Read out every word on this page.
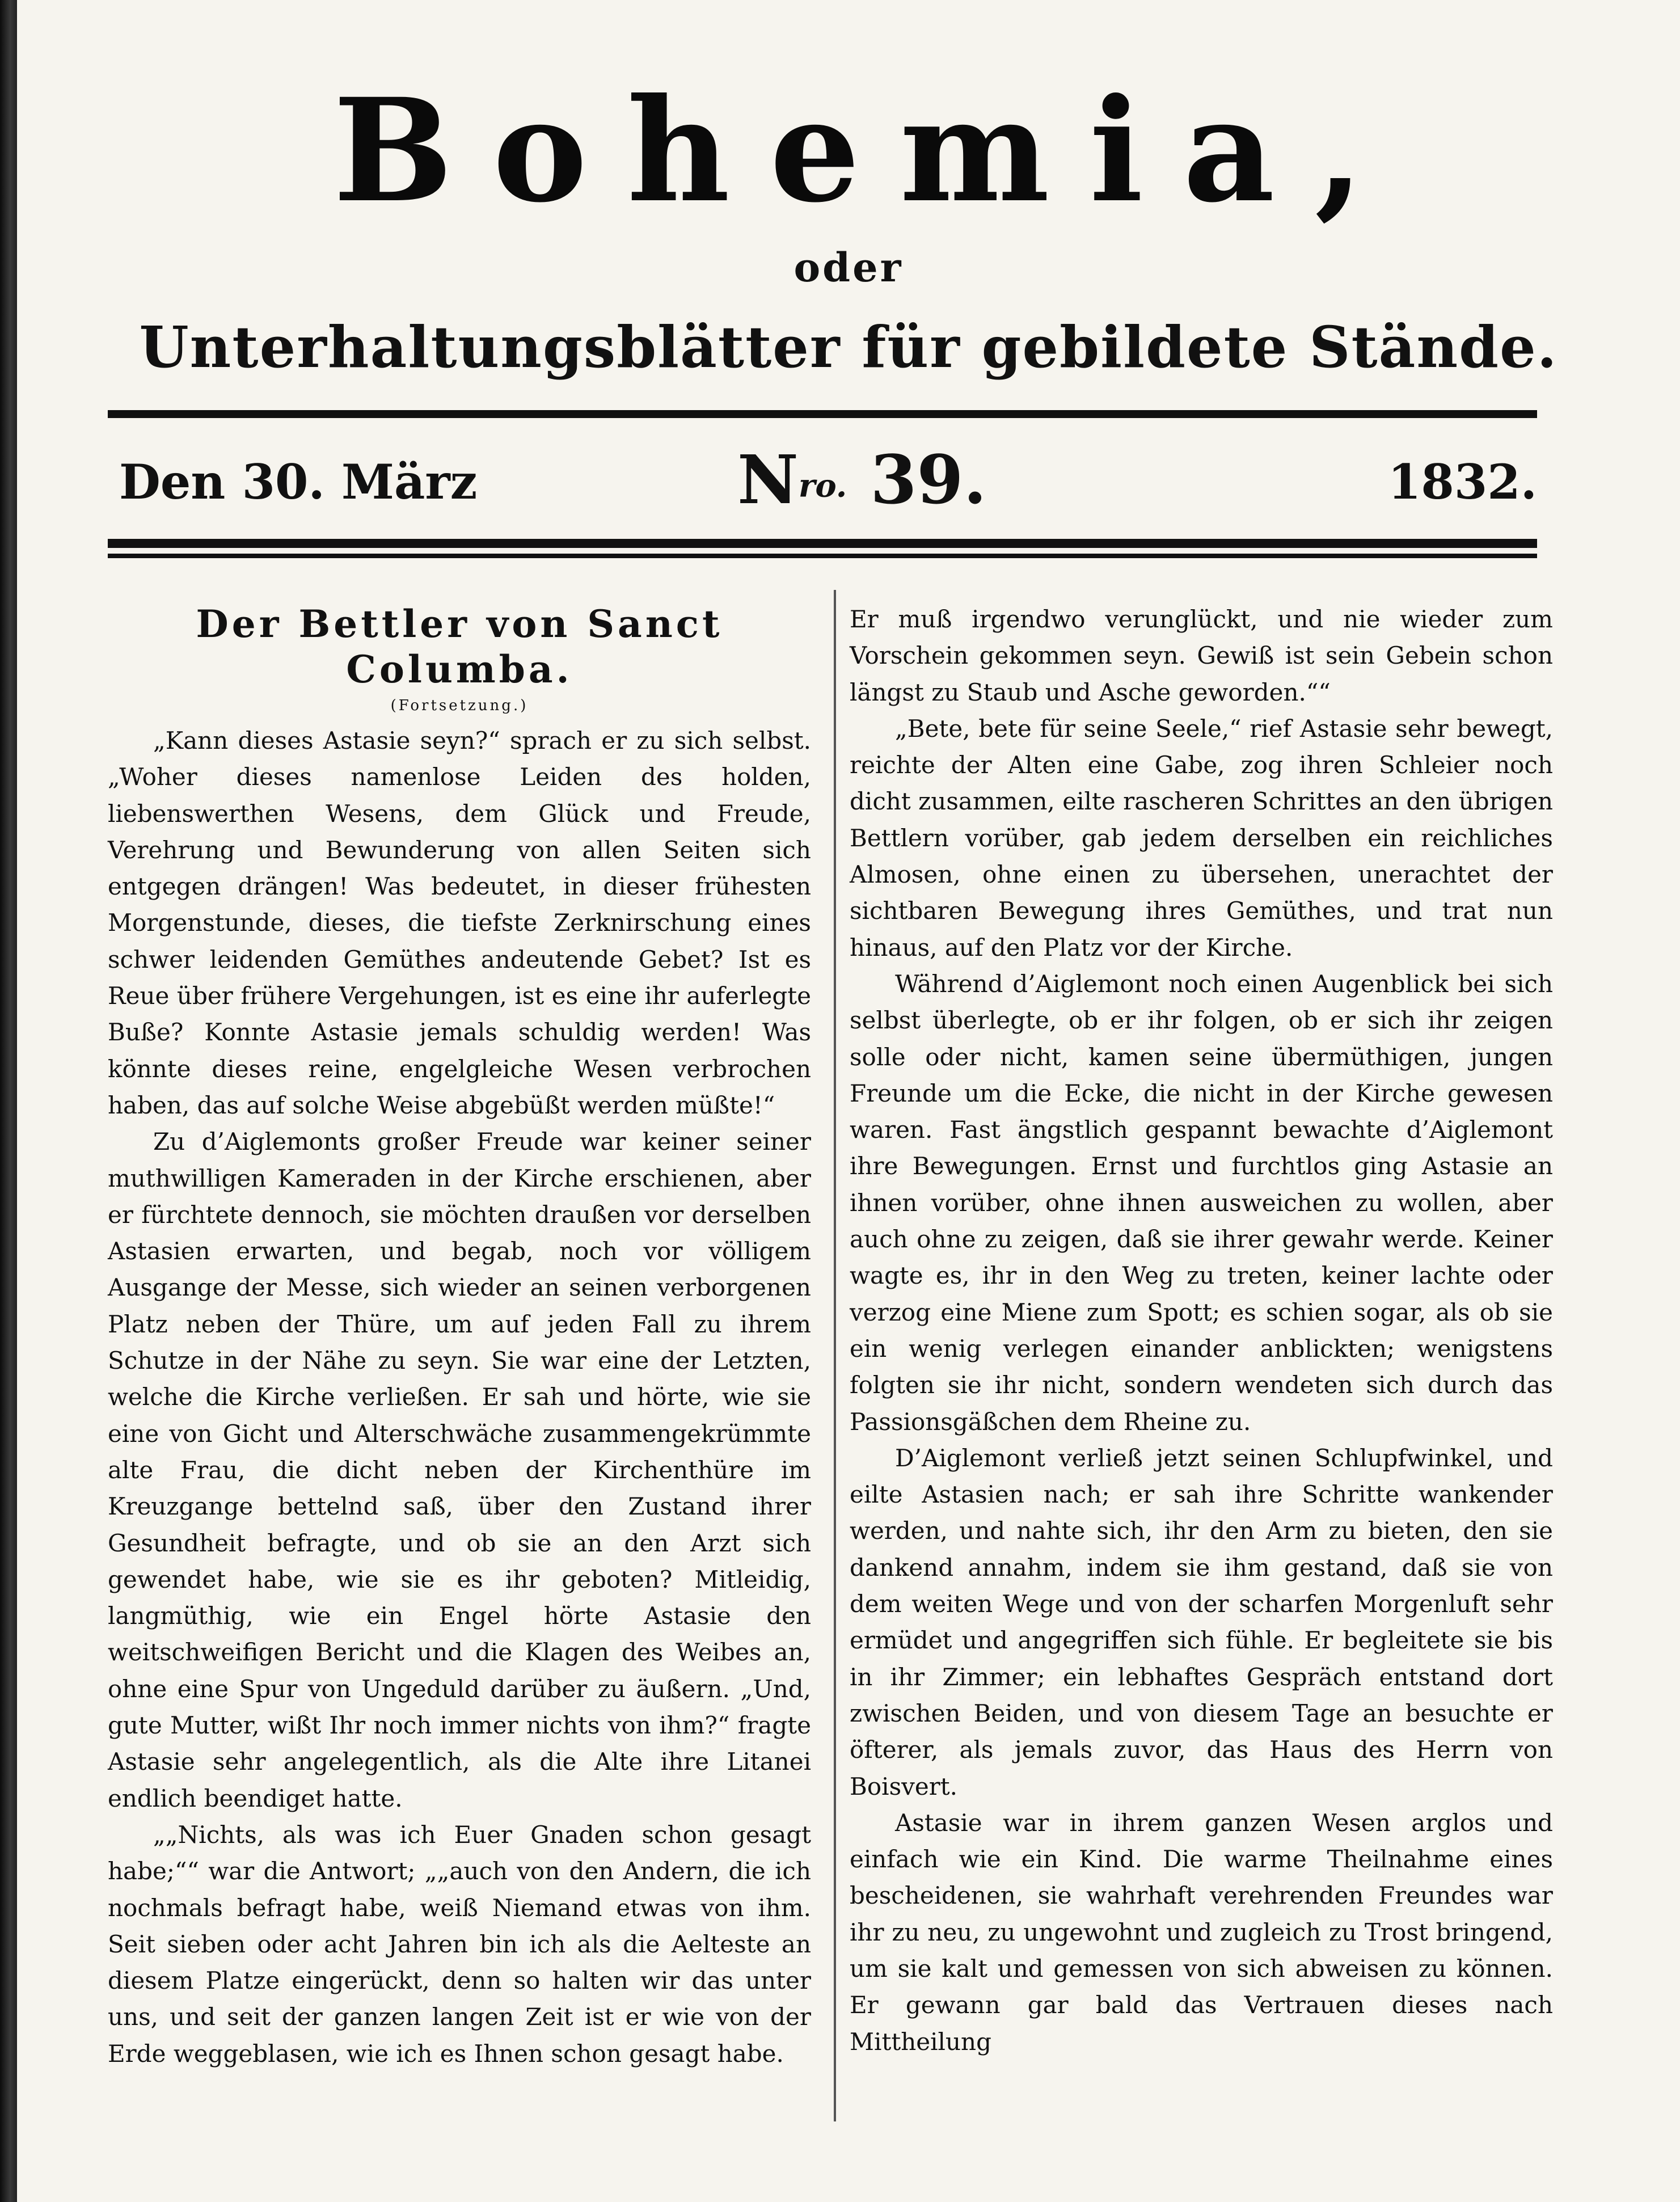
Bohemia,
oder
Unterhaltungsblätter für gebildete Stände.
Den 30. März	Nro. 39.	1832.

Der Bettler von Sanct Columba.

(Fortsetzung.)

„Kann dieses Astasie seyn?“ sprach er zu sich selbst. „Woher dieses namenlose Leiden des holden, liebenswerthen Wesens, dem Glück und Freude, Verehrung und Bewunderung von allen Seiten sich entgegen drängen! Was bedeutet, in dieser frühesten Morgenstunde, dieses, die tiefste Zerknirschung eines schwer leidenden Gemüthes andeutende Gebet? Ist es Reue über frühere Vergehungen, ist es eine ihr auferlegte Buße? Konnte Astasie jemals schuldig werden! Was könnte dieses reine, engelgleiche Wesen verbrochen haben, das auf solche Weise abgebüßt werden müßte!“

Zu d’Aiglemonts großer Freude war keiner seiner muthwilligen Kameraden in der Kirche erschienen, aber er fürchtete dennoch, sie möchten draußen vor derselben Astasien erwarten, und begab, noch vor völligem Ausgange der Messe, sich wieder an seinen verborgenen Platz neben der Thüre, um auf jeden Fall zu ihrem Schutze in der Nähe zu seyn. Sie war eine der Letzten, welche die Kirche verließen. Er sah und hörte, wie sie eine von Gicht und Alterschwäche zusammengekrümmte alte Frau, die dicht neben der Kirchenthüre im Kreuzgange bettelnd saß, über den Zustand ihrer Gesundheit befragte, und ob sie an den Arzt sich gewendet habe, wie sie es ihr geboten? Mitleidig, langmüthig, wie ein Engel hörte Astasie den weitschweifigen Bericht und die Klagen des Weibes an, ohne eine Spur von Ungeduld darüber zu äußern. „Und, gute Mutter, wißt Ihr noch immer nichts von ihm?“ fragte Astasie sehr angelegentlich, als die Alte ihre Litanei endlich beendiget hatte.

„„Nichts, als was ich Euer Gnaden schon gesagt habe;““ war die Antwort; „„auch von den Andern, die ich nochmals befragt habe, weiß Niemand etwas von ihm. Seit sieben oder acht Jahren bin ich als die Aelteste an diesem Platze eingerückt, denn so halten wir das unter uns, und seit der ganzen langen Zeit ist er wie von der Erde weggeblasen, wie ich es Ihnen schon gesagt habe.

Er muß irgendwo verunglückt, und nie wieder zum Vorschein gekommen seyn. Gewiß ist sein Gebein schon längst zu Staub und Asche geworden.““

„Bete, bete für seine Seele,“ rief Astasie sehr bewegt, reichte der Alten eine Gabe, zog ihren Schleier noch dicht zusammen, eilte rascheren Schrittes an den übrigen Bettlern vorüber, gab jedem derselben ein reichliches Almosen, ohne einen zu übersehen, unerachtet der sichtbaren Bewegung ihres Gemüthes, und trat nun hinaus, auf den Platz vor der Kirche.

Während d’Aiglemont noch einen Augenblick bei sich selbst überlegte, ob er ihr folgen, ob er sich ihr zeigen solle oder nicht, kamen seine übermüthigen, jungen Freunde um die Ecke, die nicht in der Kirche gewesen waren. Fast ängstlich gespannt bewachte d’Aiglemont ihre Bewegungen. Ernst und furchtlos ging Astasie an ihnen vorüber, ohne ihnen ausweichen zu wollen, aber auch ohne zu zeigen, daß sie ihrer gewahr werde. Keiner wagte es, ihr in den Weg zu treten, keiner lachte oder verzog eine Miene zum Spott; es schien sogar, als ob sie ein wenig verlegen einander anblickten; wenigstens folgten sie ihr nicht, sondern wendeten sich durch das Passionsgäßchen dem Rheine zu.

D’Aiglemont verließ jetzt seinen Schlupfwinkel, und eilte Astasien nach; er sah ihre Schritte wankender werden, und nahte sich, ihr den Arm zu bieten, den sie dankend annahm, indem sie ihm gestand, daß sie von dem weiten Wege und von der scharfen Morgenluft sehr ermüdet und angegriffen sich fühle. Er begleitete sie bis in ihr Zimmer; ein lebhaftes Gespräch entstand dort zwischen Beiden, und von diesem Tage an besuchte er öfterer, als jemals zuvor, das Haus des Herrn von Boisvert.

Astasie war in ihrem ganzen Wesen arglos und einfach wie ein Kind. Die warme Theilnahme eines bescheidenen, sie wahrhaft verehrenden Freundes war ihr zu neu, zu ungewohnt und zugleich zu Trost bringend, um sie kalt und gemessen von sich abweisen zu können. Er gewann gar bald das Vertrauen dieses nach Mittheilung
